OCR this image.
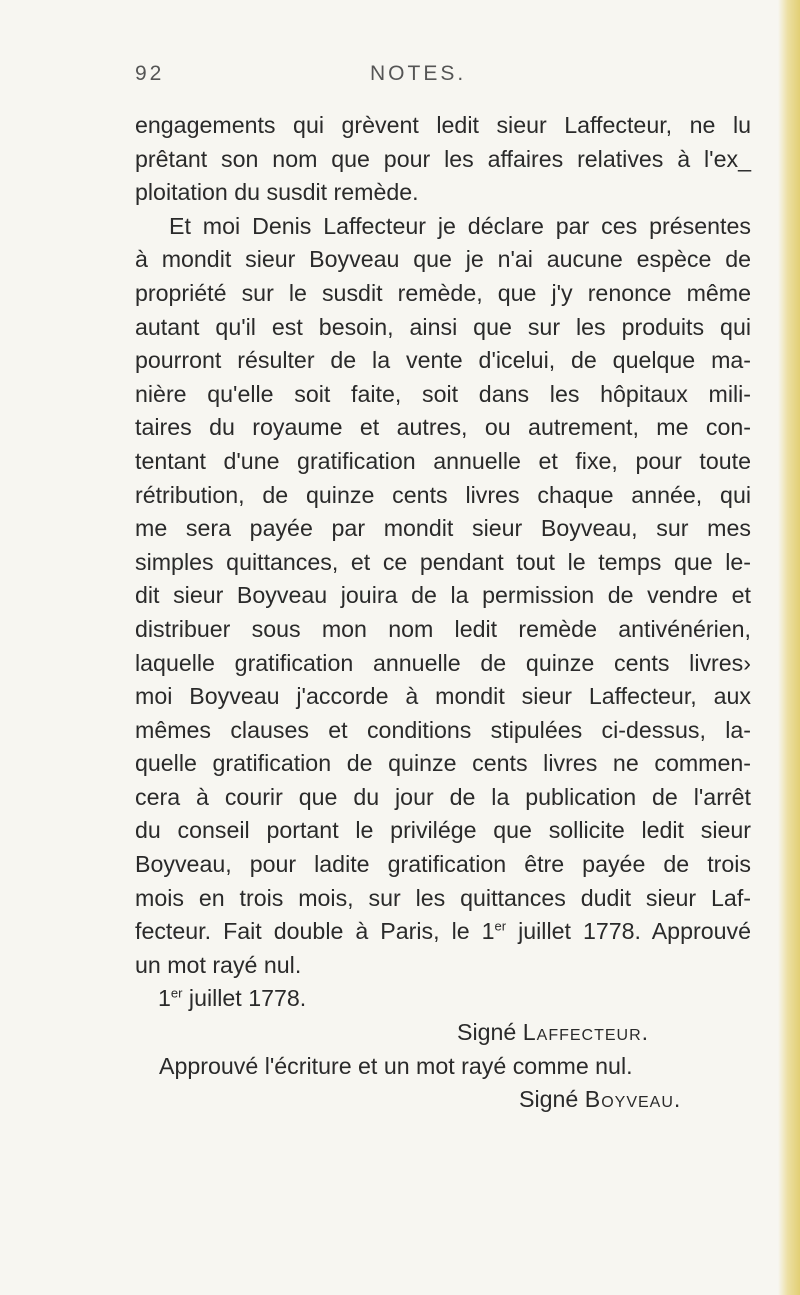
92	NOTES.
engagements qui grèvent ledit sieur Laffecteur, ne lu
prêtant son nom que pour les affaires relatives à l'ex_
ploitation du susdit remède.
Et moi Denis Laffecteur je déclare par ces présentes
à mondit sieur Boyveau que je n'ai aucune espèce de
propriété sur le susdit remède, que j'y renonce même
autant qu'il est besoin, ainsi que sur les produits qui
pourront résulter de la vente d'icelui, de quelque ma-
nière qu'elle soit faite, soit dans les hôpitaux mili-
taires du royaume et autres, ou autrement, me con-
tentant d'une gratification annuelle et fixe, pour toute
rétribution, de quinze cents livres chaque année, qui
me sera payée par mondit sieur Boyveau, sur mes
simples quittances, et ce pendant tout le temps que le-
dit sieur Boyveau jouira de la permission de vendre et
distribuer sous mon nom ledit remède antivénérien,
laquelle gratification annuelle de quinze cents livres›
moi Boyveau j'accorde à mondit sieur Laffecteur, aux
mêmes clauses et conditions stipulées ci-dessus, la-
quelle gratification de quinze cents livres ne commen-
cera à courir que du jour de la publication de l'arrêt
du conseil portant le privilége que sollicite ledit sieur
Boyveau, pour ladite gratification être payée de trois
mois en trois mois, sur les quittances dudit sieur Laf-
fecteur. Fait double à Paris, le 1er juillet 1778. Approuvé
un mot rayé nul.
1er juillet 1778.
Signé Laffecteur.
Approuvé l'écriture et un mot rayé comme nul.
Signé Boyveau.
